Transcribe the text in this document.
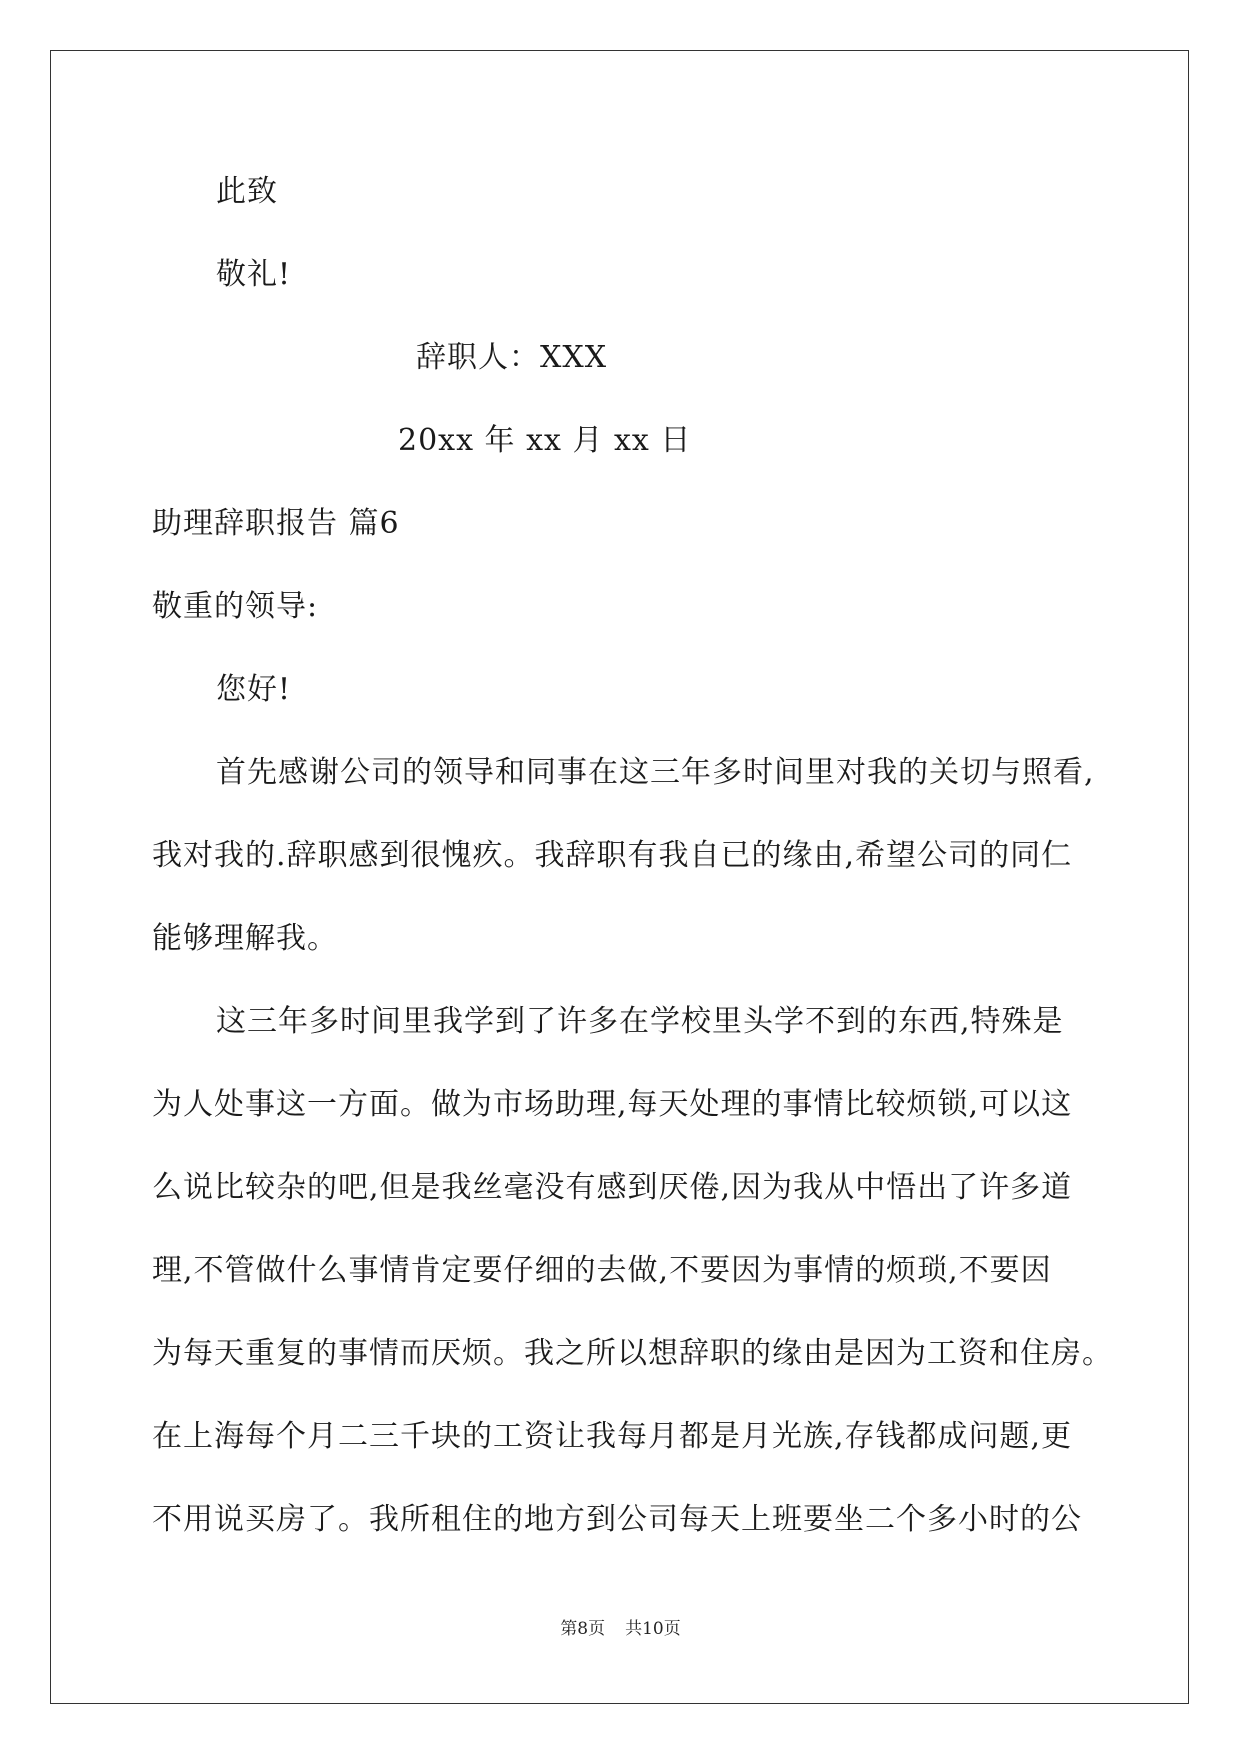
此致
敬礼!
辞职人：XXX
20xx 年 xx 月 xx 日
助理辞职报告 篇6
敬重的领导:
您好!
首先感谢公司的领导和同事在这三年多时间里对我的关切与照看,
我对我的.辞职感到很愧疚。我辞职有我自已的缘由,希望公司的同仁
能够理解我。
这三年多时间里我学到了许多在学校里头学不到的东西,特殊是
为人处事这一方面。做为市场助理,每天处理的事情比较烦锁,可以这
么说比较杂的吧,但是我丝毫没有感到厌倦,因为我从中悟出了许多道
理,不管做什么事情肯定要仔细的去做,不要因为事情的烦琐,不要因
为每天重复的事情而厌烦。我之所以想辞职的缘由是因为工资和住房。
在上海每个月二三千块的工资让我每月都是月光族,存钱都成问题,更
不用说买房了。我所租住的地方到公司每天上班要坐二个多小时的公
第8页 共10页
